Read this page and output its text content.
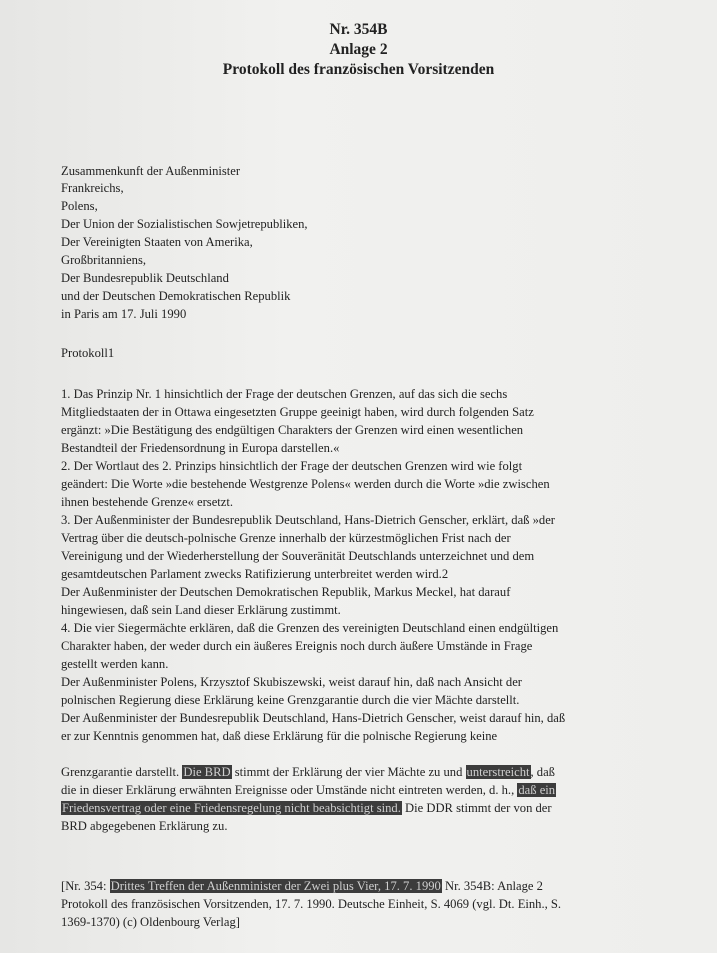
Nr. 354B
Anlage 2
Protokoll des französischen Vorsitzenden
Zusammenkunft der Außenminister
Frankreichs,
Polens,
Der Union der Sozialistischen Sowjetrepubliken,
Der Vereinigten Staaten von Amerika,
Großbritanniens,
Der Bundesrepublik Deutschland
und der Deutschen Demokratischen Republik
in Paris am 17. Juli 1990
Protokoll1
1. Das Prinzip Nr. 1 hinsichtlich der Frage der deutschen Grenzen, auf das sich die sechs
Mitgliedstaaten der in Ottawa eingesetzten Gruppe geeinigt haben, wird durch folgenden Satz
ergänzt: »Die Bestätigung des endgültigen Charakters der Grenzen wird einen wesentlichen
Bestandteil der Friedensordnung in Europa darstellen.«
2. Der Wortlaut des 2. Prinzips hinsichtlich der Frage der deutschen Grenzen wird wie folgt
geändert: Die Worte »die bestehende Westgrenze Polens« werden durch die Worte »die zwischen
ihnen bestehende Grenze« ersetzt.
3. Der Außenminister der Bundesrepublik Deutschland, Hans-Dietrich Genscher, erklärt, daß »der
Vertrag über die deutsch-polnische Grenze innerhalb der kürzestmöglichen Frist nach der
Vereinigung und der Wiederherstellung der Souveränität Deutschlands unterzeichnet und dem
gesamtdeutschen Parlament zwecks Ratifizierung unterbreitet werden wird.2
Der Außenminister der Deutschen Demokratischen Republik, Markus Meckel, hat darauf
hingewiesen, daß sein Land dieser Erklärung zustimmt.
4. Die vier Siegermächte erklären, daß die Grenzen des vereinigten Deutschland einen endgültigen
Charakter haben, der weder durch ein äußeres Ereignis noch durch äußere Umstände in Frage
gestellt werden kann.
Der Außenminister Polens, Krzysztof Skubiszewski, weist darauf hin, daß nach Ansicht der
polnischen Regierung diese Erklärung keine Grenzgarantie durch die vier Mächte darstellt.
Der Außenminister der Bundesrepublik Deutschland, Hans-Dietrich Genscher, weist darauf hin, daß
er zur Kenntnis genommen hat, daß diese Erklärung für die polnische Regierung keine
Grenzgarantie darstellt. Die BRD stimmt der Erklärung der vier Mächte zu und unterstreicht, daß
die in dieser Erklärung erwähnten Ereignisse oder Umstände nicht eintreten werden, d. h., daß ein
Friedensvertrag oder eine Friedensregelung nicht beabsichtigt sind. Die DDR stimmt der von der
BRD abgegebenen Erklärung zu.
[Nr. 354: Drittes Treffen der Außenminister der Zwei plus Vier, 17. 7. 1990 Nr. 354B: Anlage 2
Protokoll des französischen Vorsitzenden, 17. 7. 1990. Deutsche Einheit, S. 4069 (vgl. Dt. Einh., S.
1369-1370) (c) Oldenbourg Verlag]
